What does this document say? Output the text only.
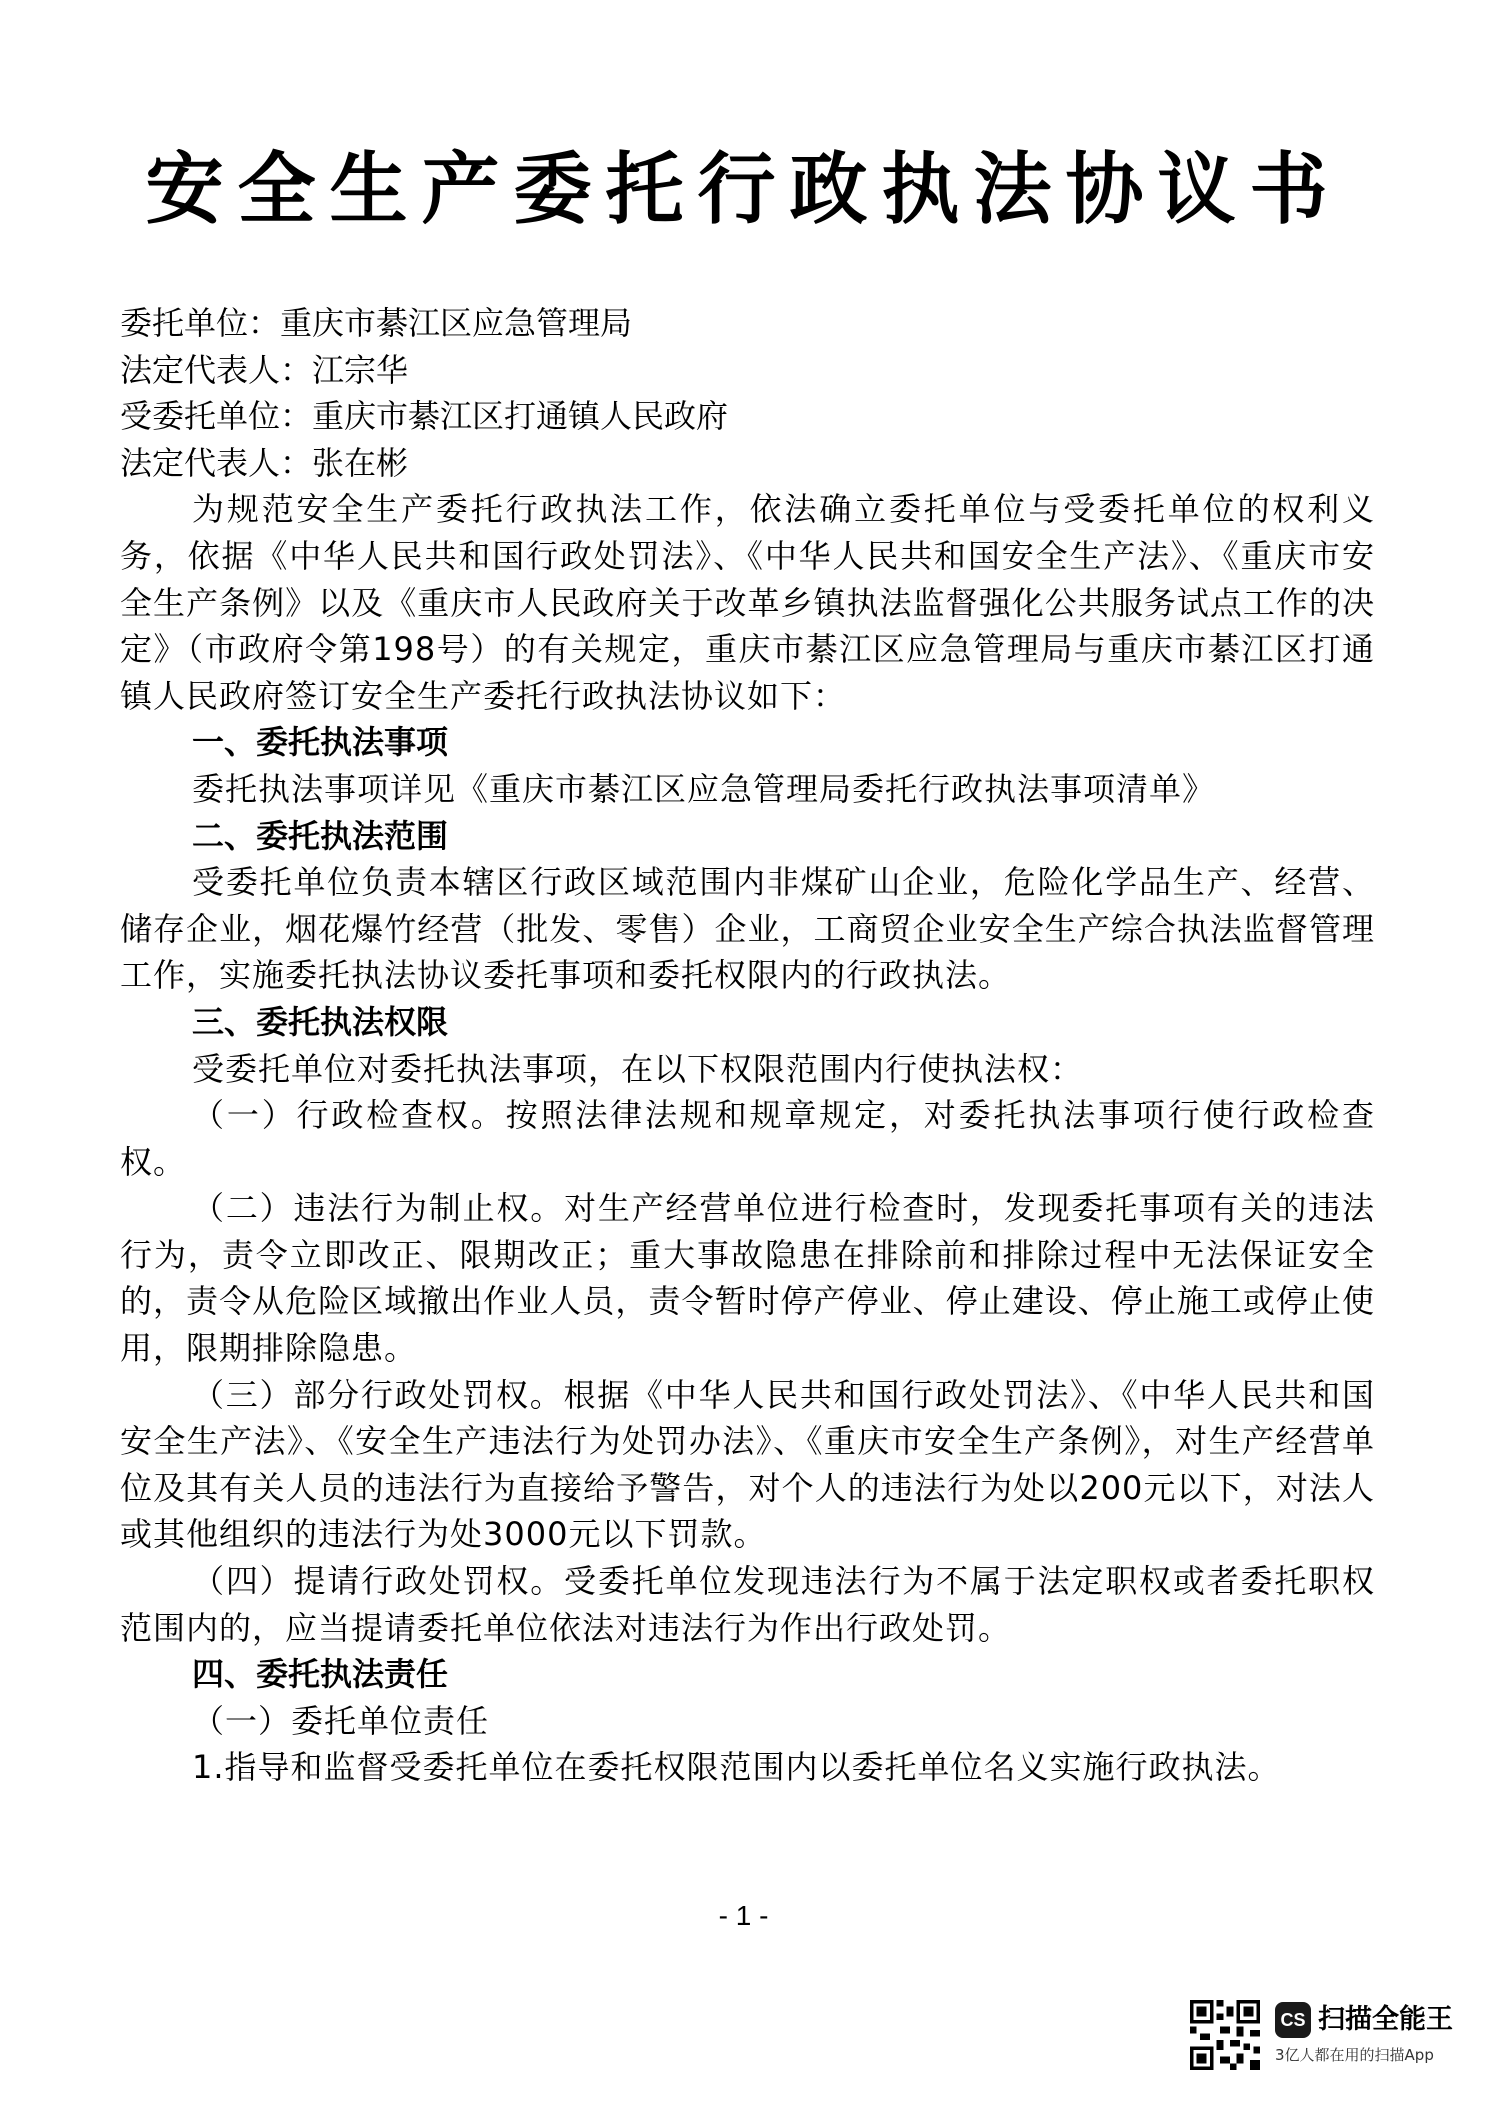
安全生产委托行政执法协议书

委托单位：重庆市綦江区应急管理局

法定代表人：江宗华

受委托单位：重庆市綦江区打通镇人民政府

法定代表人：张在彬

为规范安全生产委托行政执法工作，依法确立委托单位与受委托单位的权利义务，依据《中华人民共和国行政处罚法》、《中华人民共和国安全生产法》、《重庆市安全生产条例》以及《重庆市人民政府关于改革乡镇执法监督强化公共服务试点工作的决定》（市政府令第198号）的有关规定，重庆市綦江区应急管理局与重庆市綦江区打通镇人民政府签订安全生产委托行政执法协议如下：

一、委托执法事项

委托执法事项详见《重庆市綦江区应急管理局委托行政执法事项清单》

二、委托执法范围

受委托单位负责本辖区行政区域范围内非煤矿山企业，危险化学品生产、经营、储存企业，烟花爆竹经营（批发、零售）企业，工商贸企业安全生产综合执法监督管理工作，实施委托执法协议委托事项和委托权限内的行政执法。

三、委托执法权限

受委托单位对委托执法事项，在以下权限范围内行使执法权：

（一）行政检查权。按照法律法规和规章规定，对委托执法事项行使行政检查权。

（二）违法行为制止权。对生产经营单位进行检查时，发现委托事项有关的违法行为，责令立即改正、限期改正；重大事故隐患在排除前和排除过程中无法保证安全的，责令从危险区域撤出作业人员，责令暂时停产停业、停止建设、停止施工或停止使用，限期排除隐患。

（三）部分行政处罚权。根据《中华人民共和国行政处罚法》、《中华人民共和国安全生产法》、《安全生产违法行为处罚办法》、《重庆市安全生产条例》，对生产经营单位及其有关人员的违法行为直接给予警告，对个人的违法行为处以200元以下，对法人或其他组织的违法行为处3000元以下罚款。

（四）提请行政处罚权。受委托单位发现违法行为不属于法定职权或者委托职权范围内的，应当提请委托单位依法对违法行为作出行政处罚。

四、委托执法责任

（一）委托单位责任

1.指导和监督受委托单位在委托权限范围内以委托单位名义实施行政执法。

- 1 -
CS 扫描全能王
3亿人都在用的扫描App
